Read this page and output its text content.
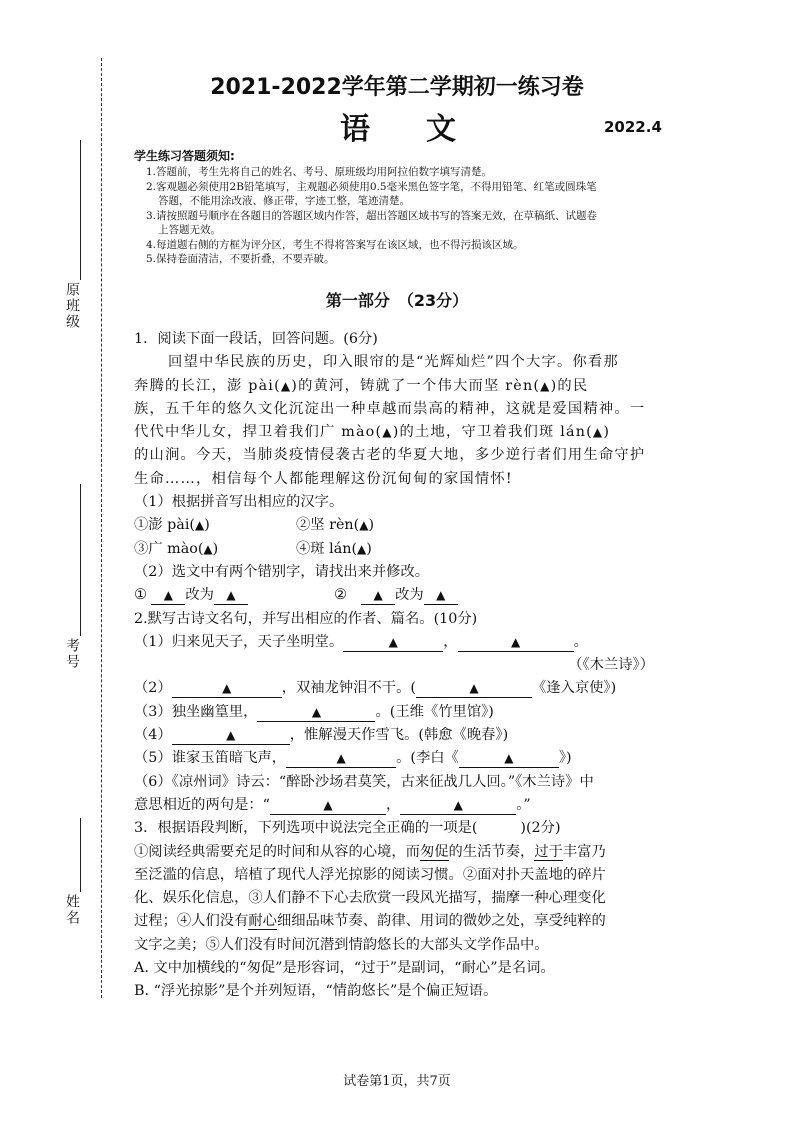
原班级
考号
姓名
2021-2022学年第二学期初一练习卷
语文	2022.4
学生练习答题须知:
1.答题前，考生先将自己的姓名、考号、原班级均用阿拉伯数字填写清楚。
2.客观题必须使用2B铅笔填写，主观题必须使用0.5毫米黑色签字笔，不得用铅笔、红笔或圆珠笔
答题，不能用涂改液、修正带，字迹工整，笔迹清楚。
3.请按照题号顺序在各题目的答题区域内作答，超出答题区域书写的答案无效，在草稿纸、试题卷
上答题无效。
4.每道题右侧的方框为评分区，考生不得将答案写在该区域，也不得污损该区域。
5.保持卷面清洁，不要折叠，不要弄破。
第一部分　（23分）
1．阅读下面一段话，回答问题。(6分)
回望中华民族的历史，印入眼帘的是“光辉灿烂”四个大字。你看那
奔腾的长江，澎 pài(▲)的黄河，铸就了一个伟大而坚 rèn(▲)的民
族，五千年的悠久文化沉淀出一种卓越而祟高的精神，这就是爱国精神。一
代代中华儿女，捍卫着我们广 mào(▲)的土地，守卫着我们斑 lán(▲)
的山涧。今天，当肺炎疫情侵袭古老的华夏大地，多少逆行者们用生命守护
生命……，相信每个人都能理解这份沉甸甸的家国情怀!
（1）根据拼音写出相应的汉字。
①澎 pài(▲)	②坚 rèn(▲)
③广 mào(▲)	④斑 lán(▲)
（2）选文中有两个错别字，请找出来并修改。
① ▲ 改为 ▲	②　 ▲ 改为 ▲
2.默写古诗文名句，并写出相应的作者、篇名。(10分)
（1）归来见天子，天子坐明堂。	▲	，	▲	。
（《木兰诗》）
（2）	▲	，双袖龙钟泪不干。(	▲	《逢入京使》)
（3）独坐幽篁里，	▲	。(王维《竹里馆》)
（4）	▲	，惟解漫天作雪飞。(韩愈《晚春》)
（5）谁家玉笛暗飞声，	▲	。(李白《	▲	》)
（6）《凉州词》诗云：“醉卧沙场君莫笑，古来征战几人回。”《木兰诗》中
意思相近的两句是：“	▲	，	▲	。”
3．根据语段判断，下列选项中说法完全正确的一项是(　　　)(2分)
①阅读经典需要充足的时间和从容的心境，而匆促的生活节奏，过于丰富乃
至泛滥的信息，培植了现代人浮光掠影的阅读习惯。②面对扑天盖地的碎片
化、娱乐化信息，③人们静不下心去欣赏一段风光描写，揣摩一种心理变化
过程；④人们没有耐心细细品味节奏、韵律、用词的微妙之处，享受纯粹的
文字之美；⑤人们没有时间沉潜到情韵悠长的大部头文学作品中。
A. 文中加横线的“匆促”是形容词，“过于”是副词，“耐心”是名词。
B. “浮光掠影”是个并列短语，“情韵悠长”是个偏正短语。
试卷第1页，共7页
